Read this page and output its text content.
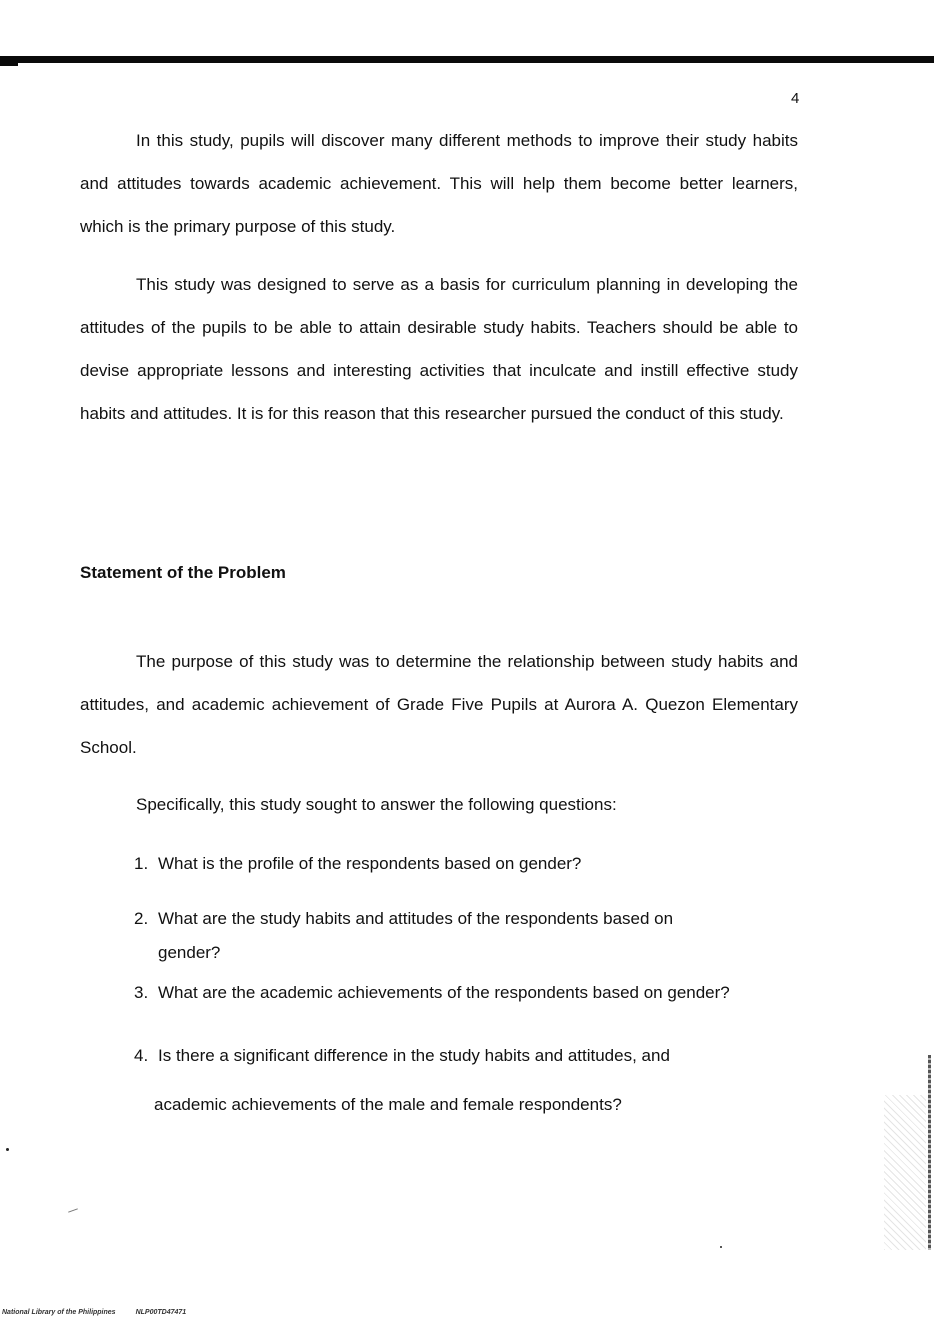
4

In this study, pupils will discover many different methods to improve their study habits and attitudes towards academic achievement. This will help them become better learners, which is the primary purpose of this study.

This study was designed to serve as a basis for curriculum planning in developing the attitudes of the pupils to be able to attain desirable study habits. Teachers should be able to devise appropriate lessons and interesting activities that inculcate and instill effective study habits and attitudes. It is for this reason that this researcher pursued the conduct of this study.

Statement of the Problem

The purpose of this study was to determine the relationship between study habits and attitudes, and academic achievement of Grade Five Pupils at Aurora A. Quezon Elementary School.

Specifically, this study sought to answer the following questions:

1. What is the profile of the respondents based on gender?

2. What are the study habits and attitudes of the respondents based on
gender?

3. What are the academic achievements of the respondents based on gender?

4. Is there a significant difference in the study habits and attitudes, and
academic achievements of the male and female respondents?

National Library of the Philippines	NLP00TD47471
